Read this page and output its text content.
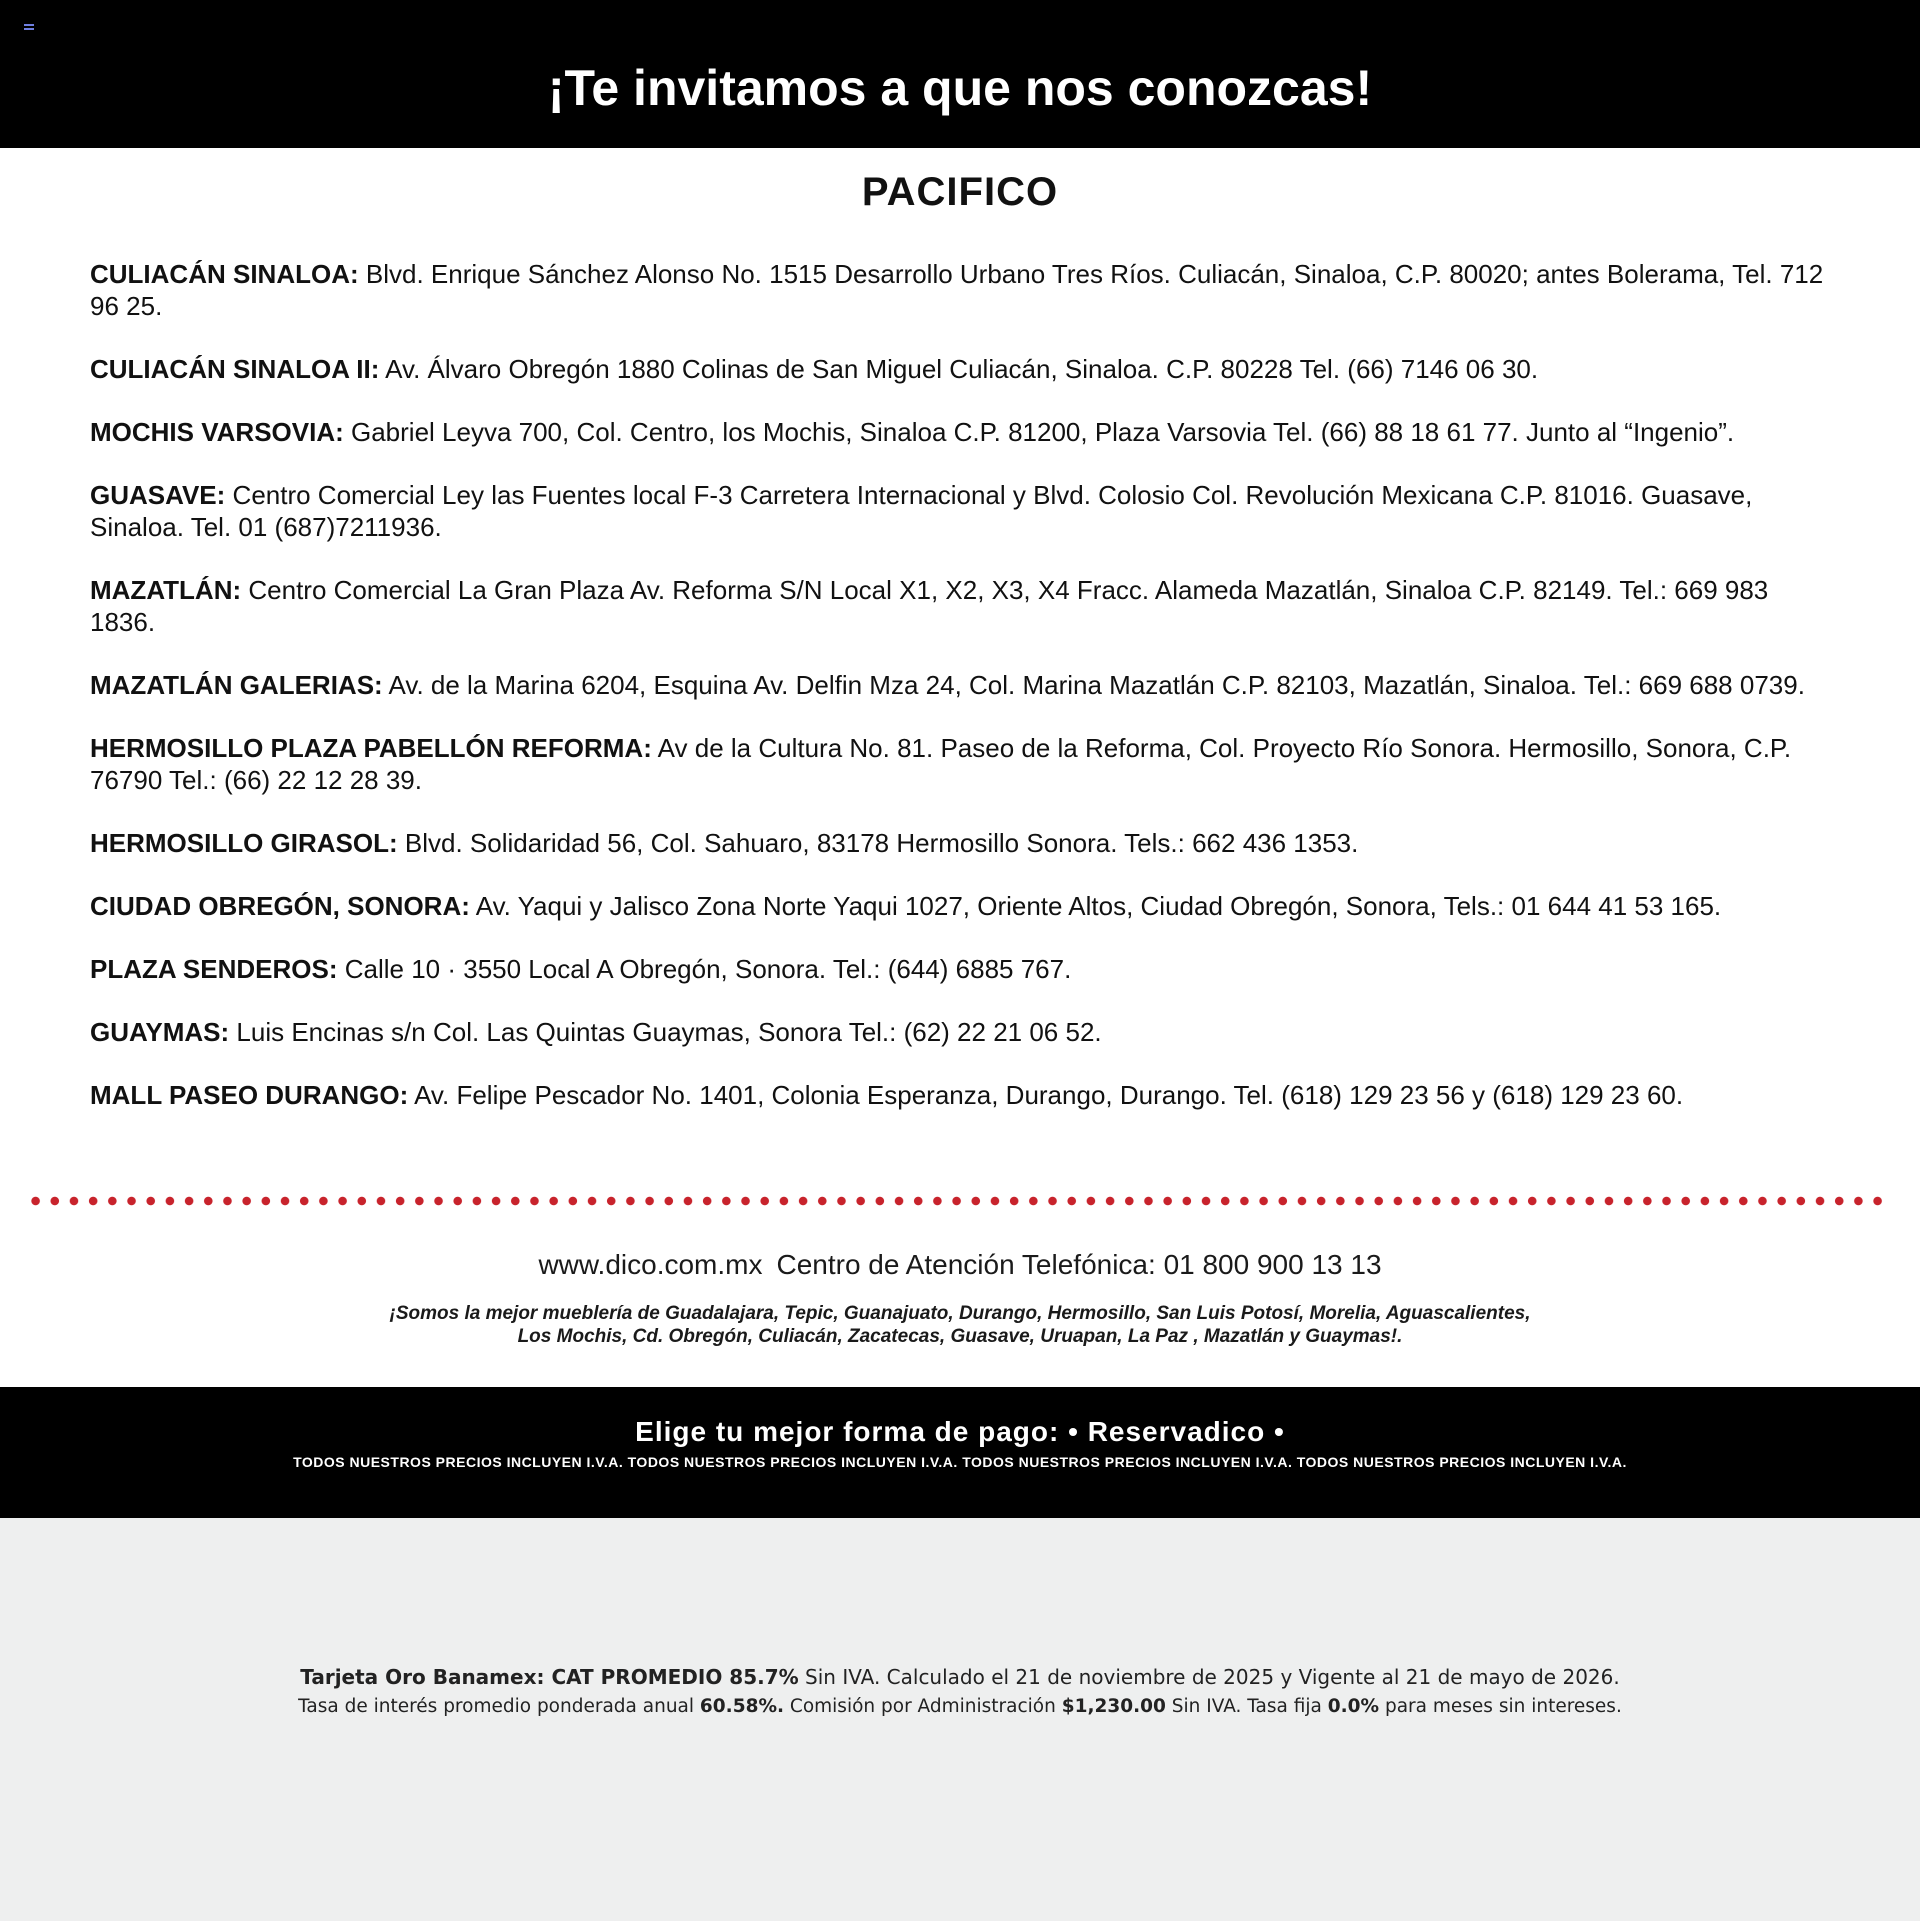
¡Te invitamos a que nos conozcas!
PACIFICO
CULIACÁN SINALOA: Blvd. Enrique Sánchez Alonso No. 1515 Desarrollo Urbano Tres Ríos. Culiacán, Sinaloa, C.P. 80020; antes Bolerama, Tel. 712 96 25.
CULIACÁN SINALOA II: Av. Álvaro Obregón 1880 Colinas de San Miguel Culiacán, Sinaloa. C.P. 80228 Tel. (66) 7146 06 30.
MOCHIS VARSOVIA: Gabriel Leyva 700, Col. Centro, los Mochis, Sinaloa C.P. 81200, Plaza Varsovia Tel. (66) 88 18 61 77. Junto al “Ingenio”.
GUASAVE: Centro Comercial Ley las Fuentes local F-3 Carretera Internacional y Blvd. Colosio Col. Revolución Mexicana C.P. 81016. Guasave, Sinaloa. Tel. 01 (687)7211936.
MAZATLÁN: Centro Comercial La Gran Plaza Av. Reforma S/N Local X1, X2, X3, X4 Fracc. Alameda Mazatlán, Sinaloa C.P. 82149. Tel.: 669 983 1836.
MAZATLÁN GALERIAS: Av. de la Marina 6204, Esquina Av. Delfin Mza 24, Col. Marina Mazatlán C.P. 82103, Mazatlán, Sinaloa. Tel.: 669 688 0739.
HERMOSILLO PLAZA PABELLÓN REFORMA: Av de la Cultura No. 81. Paseo de la Reforma, Col. Proyecto Río Sonora. Hermosillo, Sonora, C.P. 76790 Tel.: (66) 22 12 28 39.
HERMOSILLO GIRASOL: Blvd. Solidaridad 56, Col. Sahuaro, 83178 Hermosillo Sonora. Tels.: 662 436 1353.
CIUDAD OBREGÓN, SONORA: Av. Yaqui y Jalisco Zona Norte Yaqui 1027, Oriente Altos, Ciudad Obregón, Sonora, Tels.: 01 644 41 53 165.
PLAZA SENDEROS: Calle 10 · 3550 Local A Obregón, Sonora. Tel.: (644) 6885 767.
GUAYMAS: Luis Encinas s/n Col. Las Quintas Guaymas, Sonora Tel.: (62) 22 21 06 52.
MALL PASEO DURANGO: Av. Felipe Pescador No. 1401, Colonia Esperanza, Durango, Durango. Tel. (618) 129 23 56 y (618) 129 23 60.
www.dico.com.mx Centro de Atención Telefónica: 01 800 900 13 13
¡Somos la mejor mueblería de Guadalajara, Tepic, Guanajuato, Durango, Hermosillo, San Luis Potosí, Morelia, Aguascalientes,
Los Mochis, Cd. Obregón, Culiacán, Zacatecas, Guasave, Uruapan, La Paz , Mazatlán y Guaymas!.
Elige tu mejor forma de pago: • Reservadico •
TODOS NUESTROS PRECIOS INCLUYEN I.V.A. TODOS NUESTROS PRECIOS INCLUYEN I.V.A. TODOS NUESTROS PRECIOS INCLUYEN I.V.A. TODOS NUESTROS PRECIOS INCLUYEN I.V.A.
Tarjeta Oro Banamex: CAT PROMEDIO 85.7% Sin IVA. Calculado el 21 de noviembre de 2025 y Vigente al 21 de mayo de 2026.
Tasa de interés promedio ponderada anual 60.58%. Comisión por Administración $1,230.00 Sin IVA. Tasa fija 0.0% para meses sin intereses.
